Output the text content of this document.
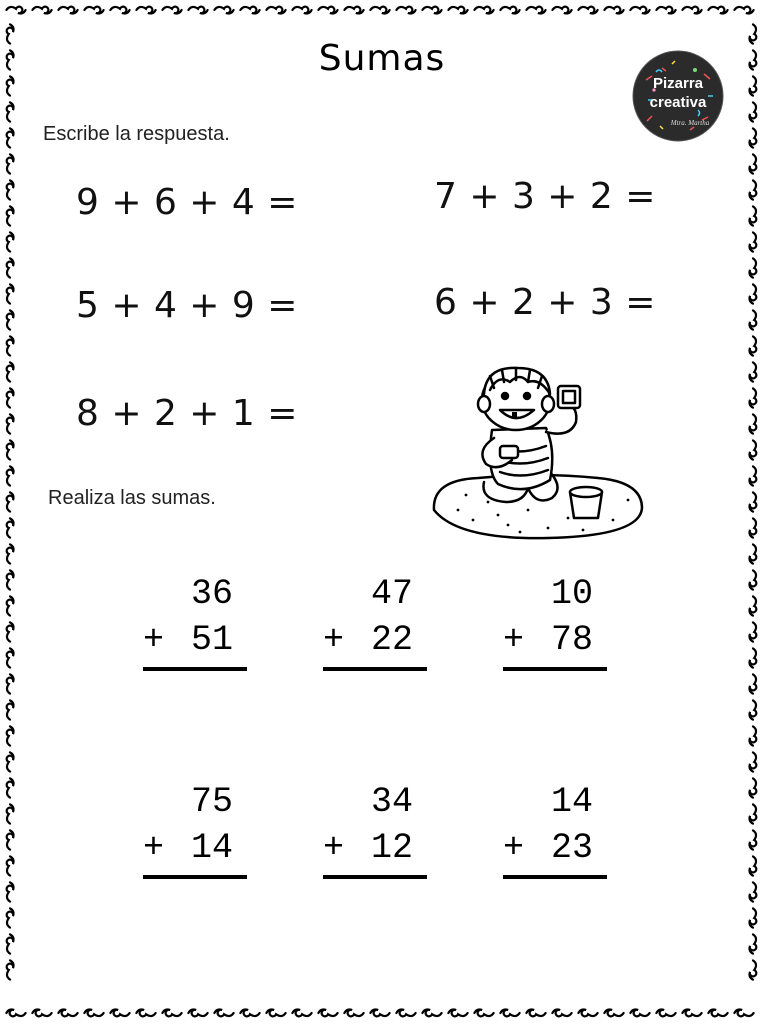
Sumas
Pizarra
creativa
Mtra. Martha
Escribe la respuesta.
9 + 6 + 4 =	7 + 3 + 2 =
5 + 4 + 9 =	6 + 2 + 3 =
8 + 2 + 1 =
Realiza las sumas.
36
+ 51
47
+ 22
10
+ 78
75
+ 14
34
+ 12
14
+ 23
